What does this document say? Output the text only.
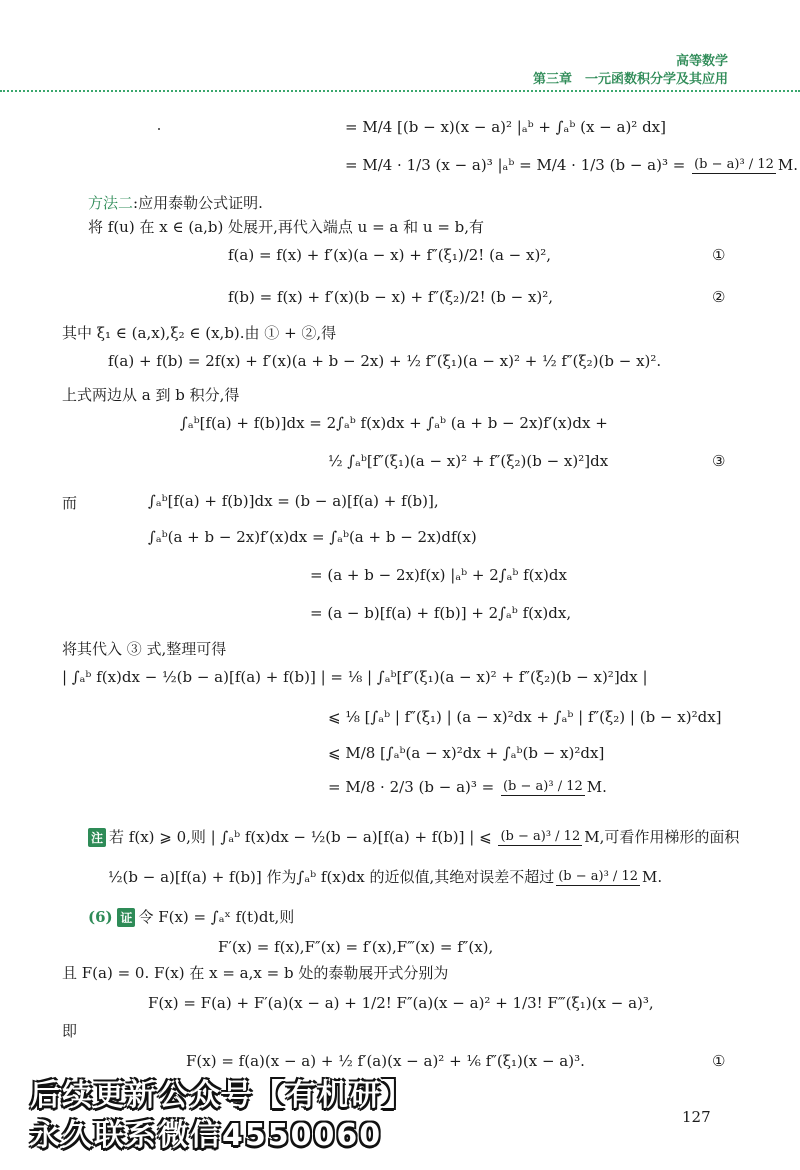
高等数学
第三章　一元函数积分学及其应用
= M/4 [(b − x)(x − a)² |ₐᵇ + ∫ₐᵇ (x − a)² dx]
= M/4 · 1/3 (x − a)³ |ₐᵇ = M/4 · 1/3 (b − a)³ = (b − a)³ / 12 M.
方法二:应用泰勒公式证明.
将 f(u) 在 x ∈ (a,b) 处展开,再代入端点 u = a 和 u = b,有
f(a) = f(x) + f′(x)(a − x) + f″(ξ₁)/2! (a − x)²,	①
f(b) = f(x) + f′(x)(b − x) + f″(ξ₂)/2! (b − x)²,	②
其中 ξ₁ ∈ (a,x),ξ₂ ∈ (x,b).由 ① + ②,得
f(a) + f(b) = 2f(x) + f′(x)(a + b − 2x) + ½ f″(ξ₁)(a − x)² + ½ f″(ξ₂)(b − x)².
上式两边从 a 到 b 积分,得
∫ₐᵇ[f(a) + f(b)]dx = 2∫ₐᵇ f(x)dx + ∫ₐᵇ (a + b − 2x)f′(x)dx +
½ ∫ₐᵇ[f″(ξ₁)(a − x)² + f″(ξ₂)(b − x)²]dx	③
而	∫ₐᵇ[f(a) + f(b)]dx = (b − a)[f(a) + f(b)],
∫ₐᵇ(a + b − 2x)f′(x)dx = ∫ₐᵇ(a + b − 2x)df(x)
= (a + b − 2x)f(x) |ₐᵇ + 2∫ₐᵇ f(x)dx
= (a − b)[f(a) + f(b)] + 2∫ₐᵇ f(x)dx,
将其代入 ③ 式,整理可得
| ∫ₐᵇ f(x)dx − ½(b − a)[f(a) + f(b)] | = ⅛ | ∫ₐᵇ[f″(ξ₁)(a − x)² + f″(ξ₂)(b − x)²]dx |
⩽ ⅛ [∫ₐᵇ | f″(ξ₁) | (a − x)²dx + ∫ₐᵇ | f″(ξ₂) | (b − x)²dx]
⩽ M/8 [∫ₐᵇ(a − x)²dx + ∫ₐᵇ(b − x)²dx]
= M/8 · 2/3 (b − a)³ = (b − a)³ / 12 M.
注 若 f(x) ⩾ 0,则 | ∫ₐᵇ f(x)dx − ½(b − a)[f(a) + f(b)] | ⩽ (b − a)³ / 12 M,可看作用梯形的面积
½(b − a)[f(a) + f(b)] 作为∫ₐᵇ f(x)dx 的近似值,其绝对误差不超过 (b − a)³ / 12 M.
(6) 证 令 F(x) = ∫ₐˣ f(t)dt,则
F′(x) = f(x),F″(x) = f′(x),F‴(x) = f″(x),
且 F(a) = 0. F(x) 在 x = a,x = b 处的泰勒展开式分别为
F(x) = F(a) + F′(a)(x − a) + 1/2! F″(a)(x − a)² + 1/3! F‴(ξ₁)(x − a)³,
即
F(x) = f(a)(x − a) + ½ f′(a)(x − a)² + ⅙ f″(ξ₁)(x − a)³.	①
127
后续更新公众号【有机研】
永久联系微信4550060
